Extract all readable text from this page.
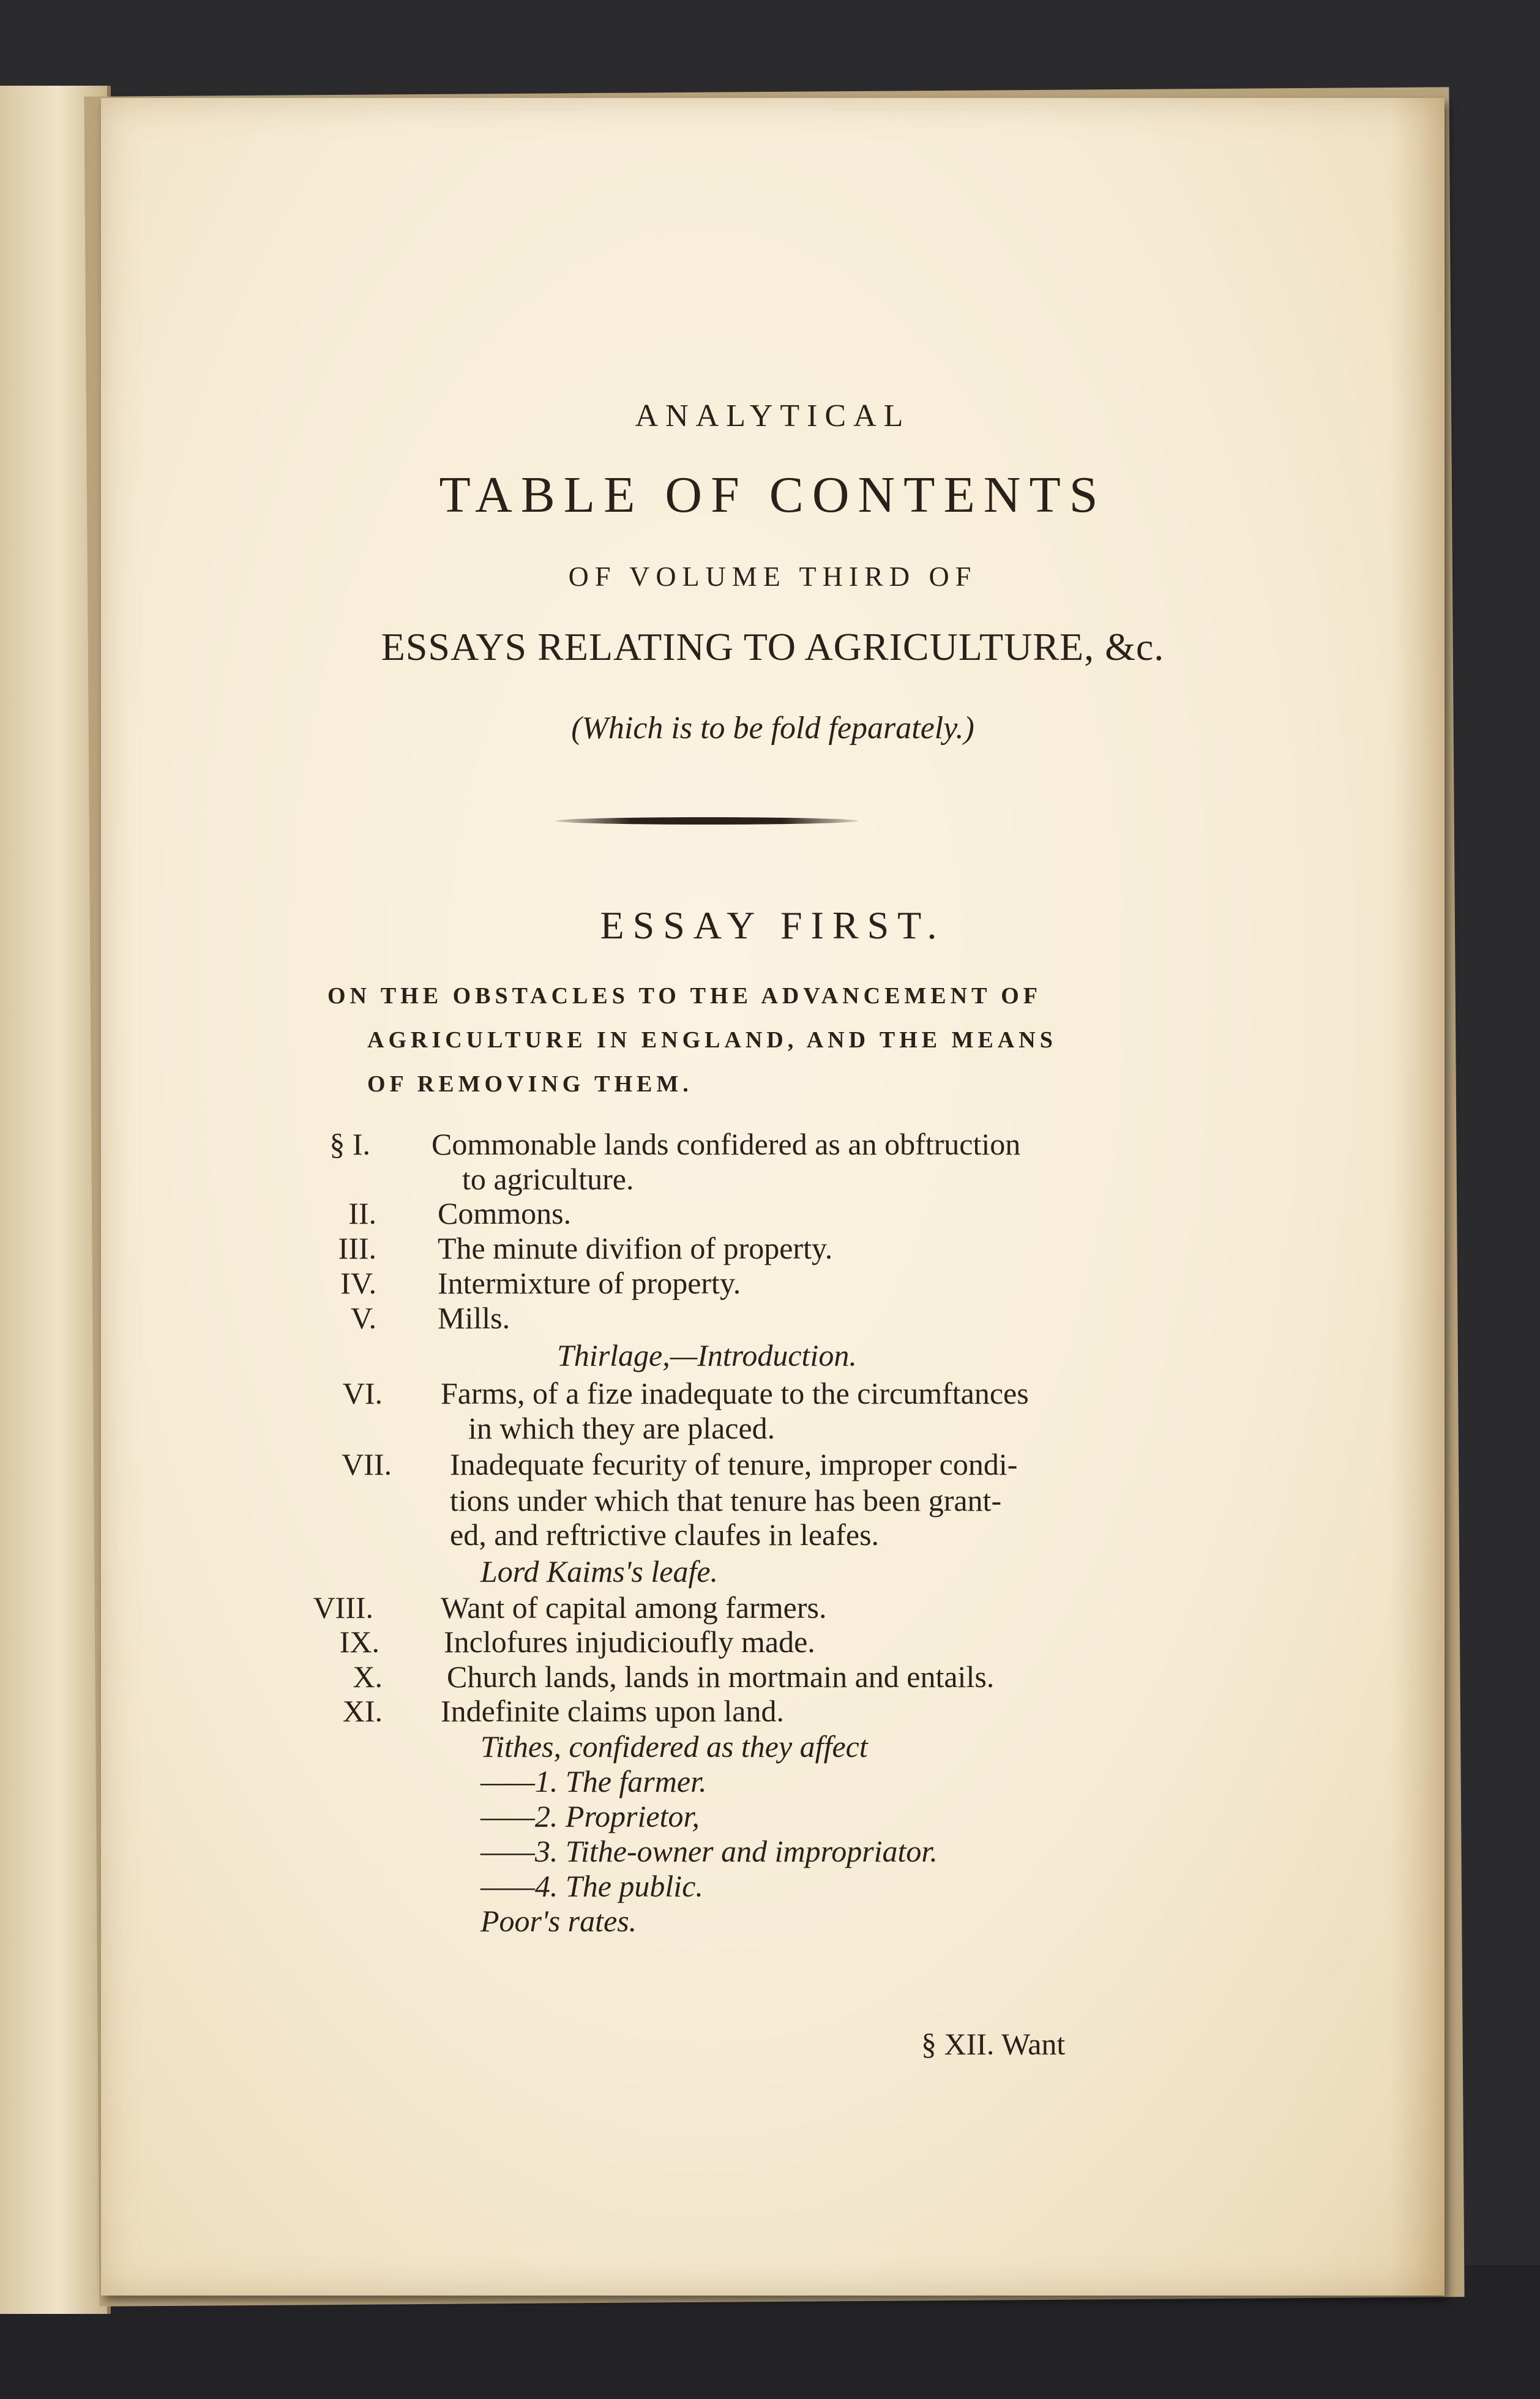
ANALYTICAL

TABLE OF CONTENTS

OF VOLUME THIRD OF

ESSAYS RELATING TO AGRICULTURE, &c.

(Which is to be fold feparately.)

ESSAY FIRST.

ON THE OBSTACLES TO THE ADVANCEMENT OF

AGRICULTURE IN ENGLAND, AND THE MEANS

OF REMOVING THEM.

§ I. Commonable lands confidered as an obftruction

to agriculture.

II. Commons.

III. The minute divifion of property.

IV. Intermixture of property.

V. Mills.

Thirlage,—Introduction.

VI. Farms, of a fize inadequate to the circumftances

in which they are placed.

VII. Inadequate fecurity of tenure, improper condi-

tions under which that tenure has been grant-

ed, and reftrictive claufes in leafes.

Lord Kaims's leafe.

VIII. Want of capital among farmers.

IX. Inclofures injudicioufly made.

X. Church lands, lands in mortmain and entails.

XI. Indefinite claims upon land.

Tithes, confidered as they affect

——1. The farmer.

——2. Proprietor,

——3. Tithe-owner and impropriator.

——4. The public.

Poor's rates.

§ XII. Want
